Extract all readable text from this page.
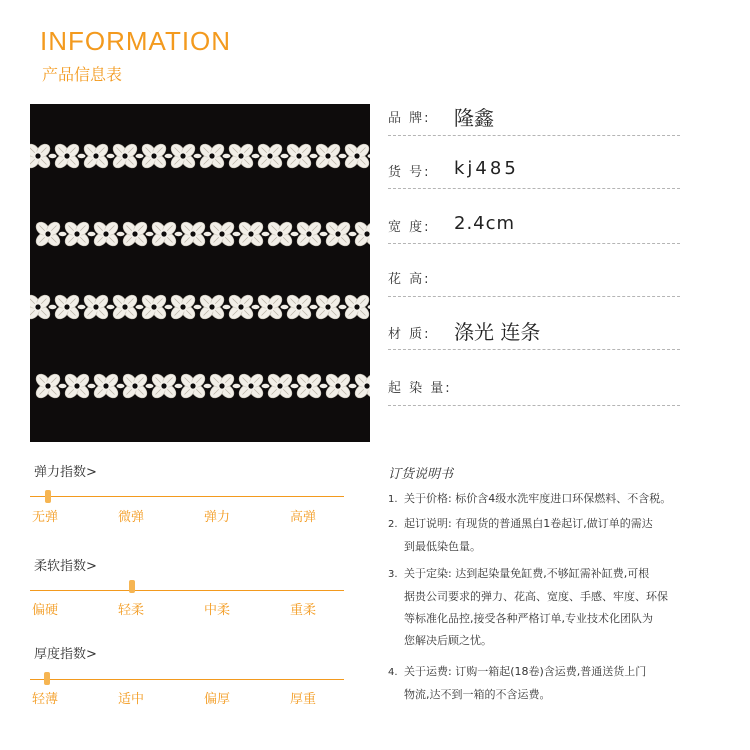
INFORMATION
产品信息表
品 牌: 隆鑫
货 号: kj485
宽 度: 2.4cm
花 高:
材 质: 涤光 连条
起 染 量:
弹力指数>
无弹	微弹	弹力	高弹
柔软指数>
偏硬	轻柔	中柔	重柔
厚度指数>
轻薄	适中	偏厚	厚重
订货说明书
1. 关于价格: 标价含4级水洗牢度进口环保燃料、不含税。
2. 起订说明: 有现货的普通黑白1卷起订,做订单的需达
到最低染色量。
3. 关于定染: 达到起染量免缸费,不够缸需补缸费,可根
据贵公司要求的弹力、花高、宽度、手感、牢度、环保
等标准化品控,接受各种严格订单,专业技术化团队为
您解决后顾之忧。
4. 关于运费: 订购一箱起(18卷)含运费,普通送货上门
物流,达不到一箱的不含运费。
